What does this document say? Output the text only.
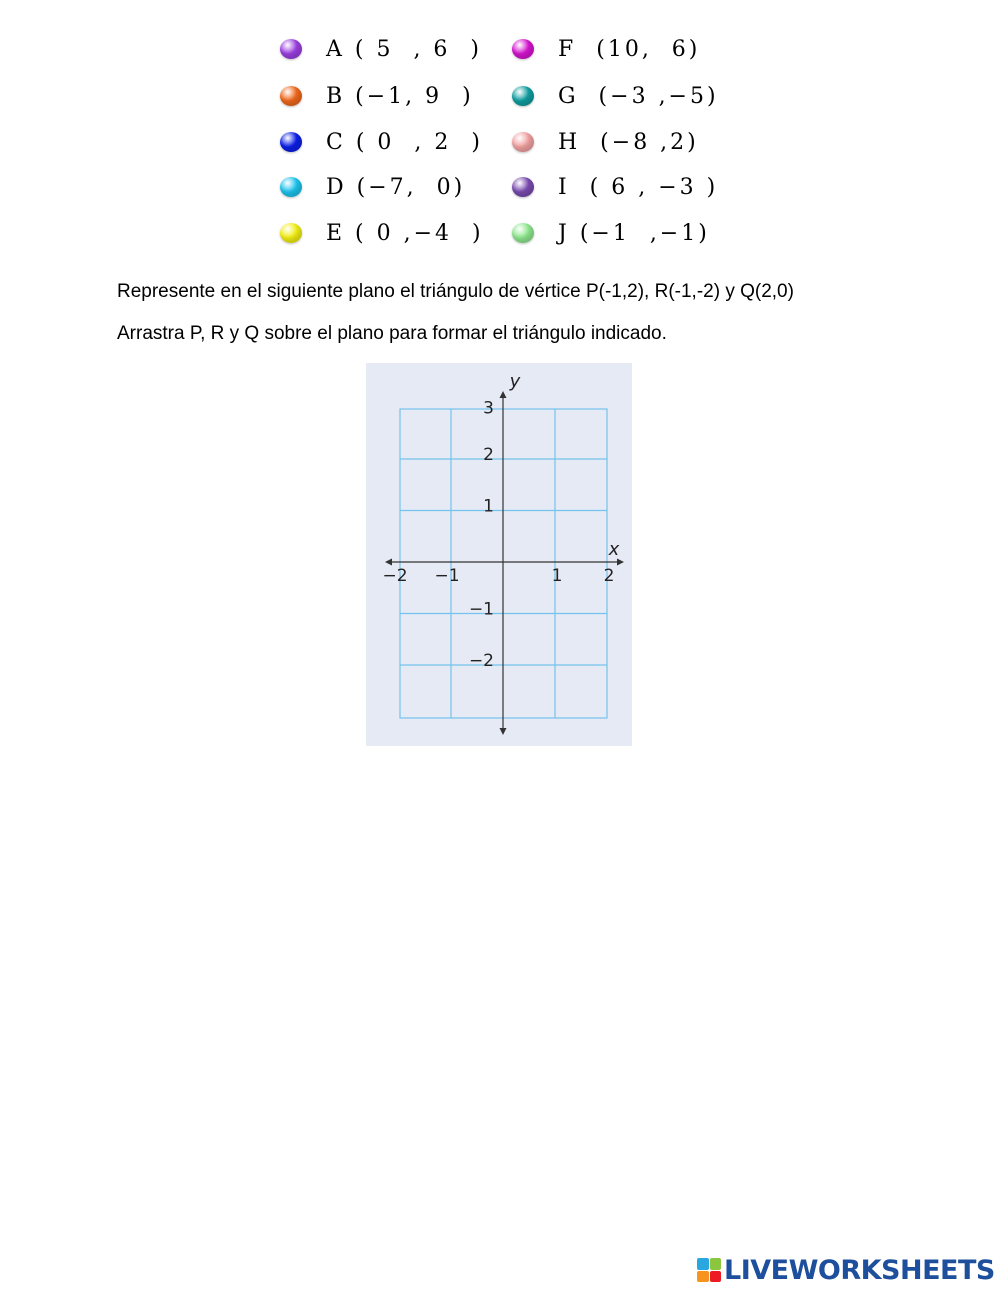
A ( 5  , 6  )
B (−1, 9  )
C ( 0  , 2  )
D (−7,  0)
E ( 0 ,−4  )
F  (10,  6)
G  (−3 ,−5)
H  (−8 ,2)
I  ( 6 , −3 )
J (−1  ,−1)
Represente en el siguiente plano el triángulo de vértice P(-1,2), R(-1,-2) y Q(2,0)
Arrastra P, R y Q sobre el plano para formar el triángulo indicado.
−2 −1	1 2
3
2
1
−1
−2
x
y
LIVEWORKSHEETS
